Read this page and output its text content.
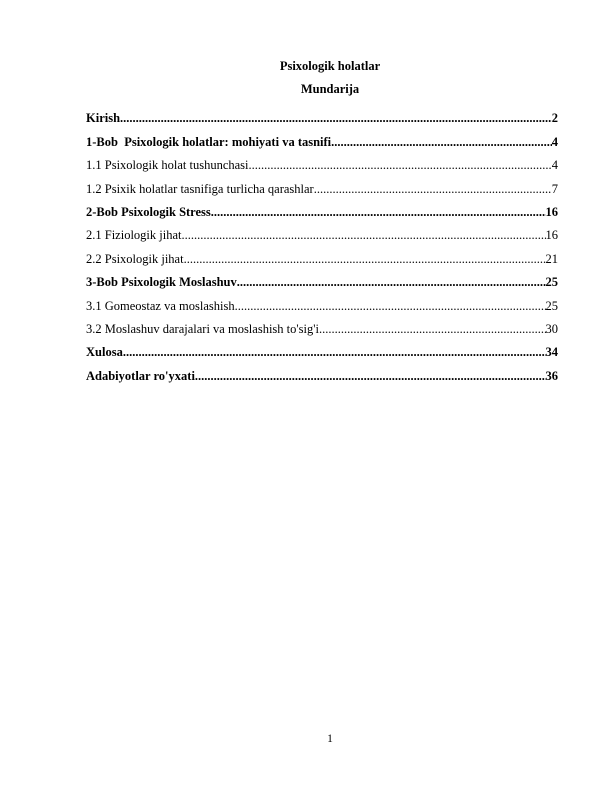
Psixologik holatlar
Mundarija
Kirish .....	2
1-Bob  Psixologik holatlar: mohiyati va tasnifi .....	4
1.1 Psixologik holat tushunchasi .....	4
1.2 Psixik holatlar tasnifiga turlicha qarashlar .....	7
2-Bob Psixologik Stress .....	16
2.1 Fiziologik jihat .....	16
2.2 Psixologik jihat .....	21
3-Bob Psixologik Moslashuv .....	25
3.1 Gomeostaz va moslashish .....	25
3.2 Moslashuv darajalari va moslashish to'sig'i .....	30
Xulosa .....	34
Adabiyotlar ro'yxati .....	36
1
